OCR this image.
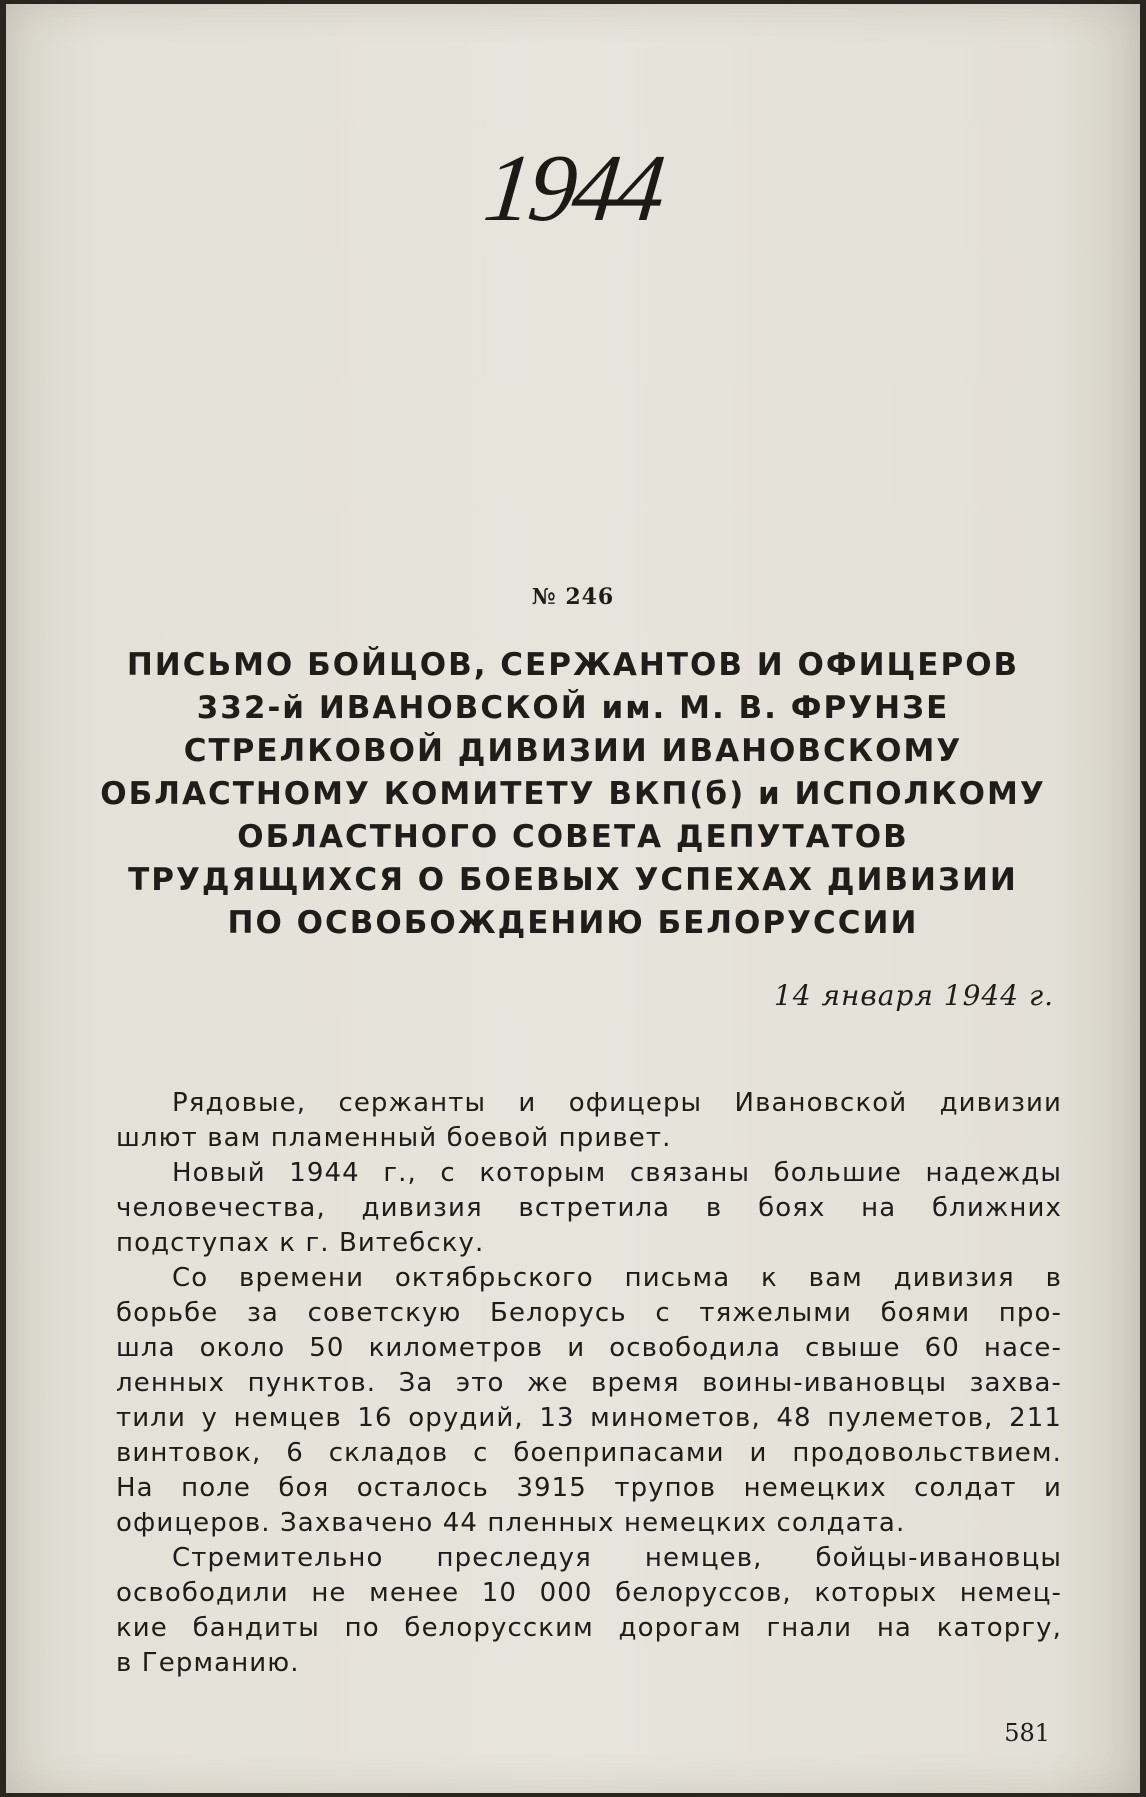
1944
№ 246
ПИСЬМО БОЙЦОВ, СЕРЖАНТОВ И ОФИЦЕРОВ
332-й ИВАНОВСКОЙ им. М. В. ФРУНЗЕ
СТРЕЛКОВОЙ ДИВИЗИИ ИВАНОВСКОМУ
ОБЛАСТНОМУ КОМИТЕТУ ВКП(б) и ИСПОЛКОМУ
ОБЛАСТНОГО СОВЕТА ДЕПУТАТОВ
ТРУДЯЩИХСЯ О БОЕВЫХ УСПЕХАХ ДИВИЗИИ
ПО ОСВОБОЖДЕНИЮ БЕЛОРУССИИ
14 января 1944 г.
Рядовые, сержанты и офицеры Ивановской дивизии
шлют вам пламенный боевой привет.
Новый 1944 г., с которым связаны большие надежды
человечества, дивизия встретила в боях на ближних
подступах к г. Витебску.
Со времени октябрьского письма к вам дивизия в
борьбе за советскую Белорусь с тяжелыми боями про-
шла около 50 километров и освободила свыше 60 насе-
ленных пунктов. За это же время воины-ивановцы захва-
тили у немцев 16 орудий, 13 минометов, 48 пулеметов, 211
винтовок, 6 складов с боеприпасами и продовольствием.
На поле боя осталось 3915 трупов немецких солдат и
офицеров. Захвачено 44 пленных немецких солдата.
Стремительно преследуя немцев, бойцы-ивановцы
освободили не менее 10 000 белоруссов, которых немец-
кие бандиты по белорусским дорогам гнали на каторгу,
в Германию.
581
